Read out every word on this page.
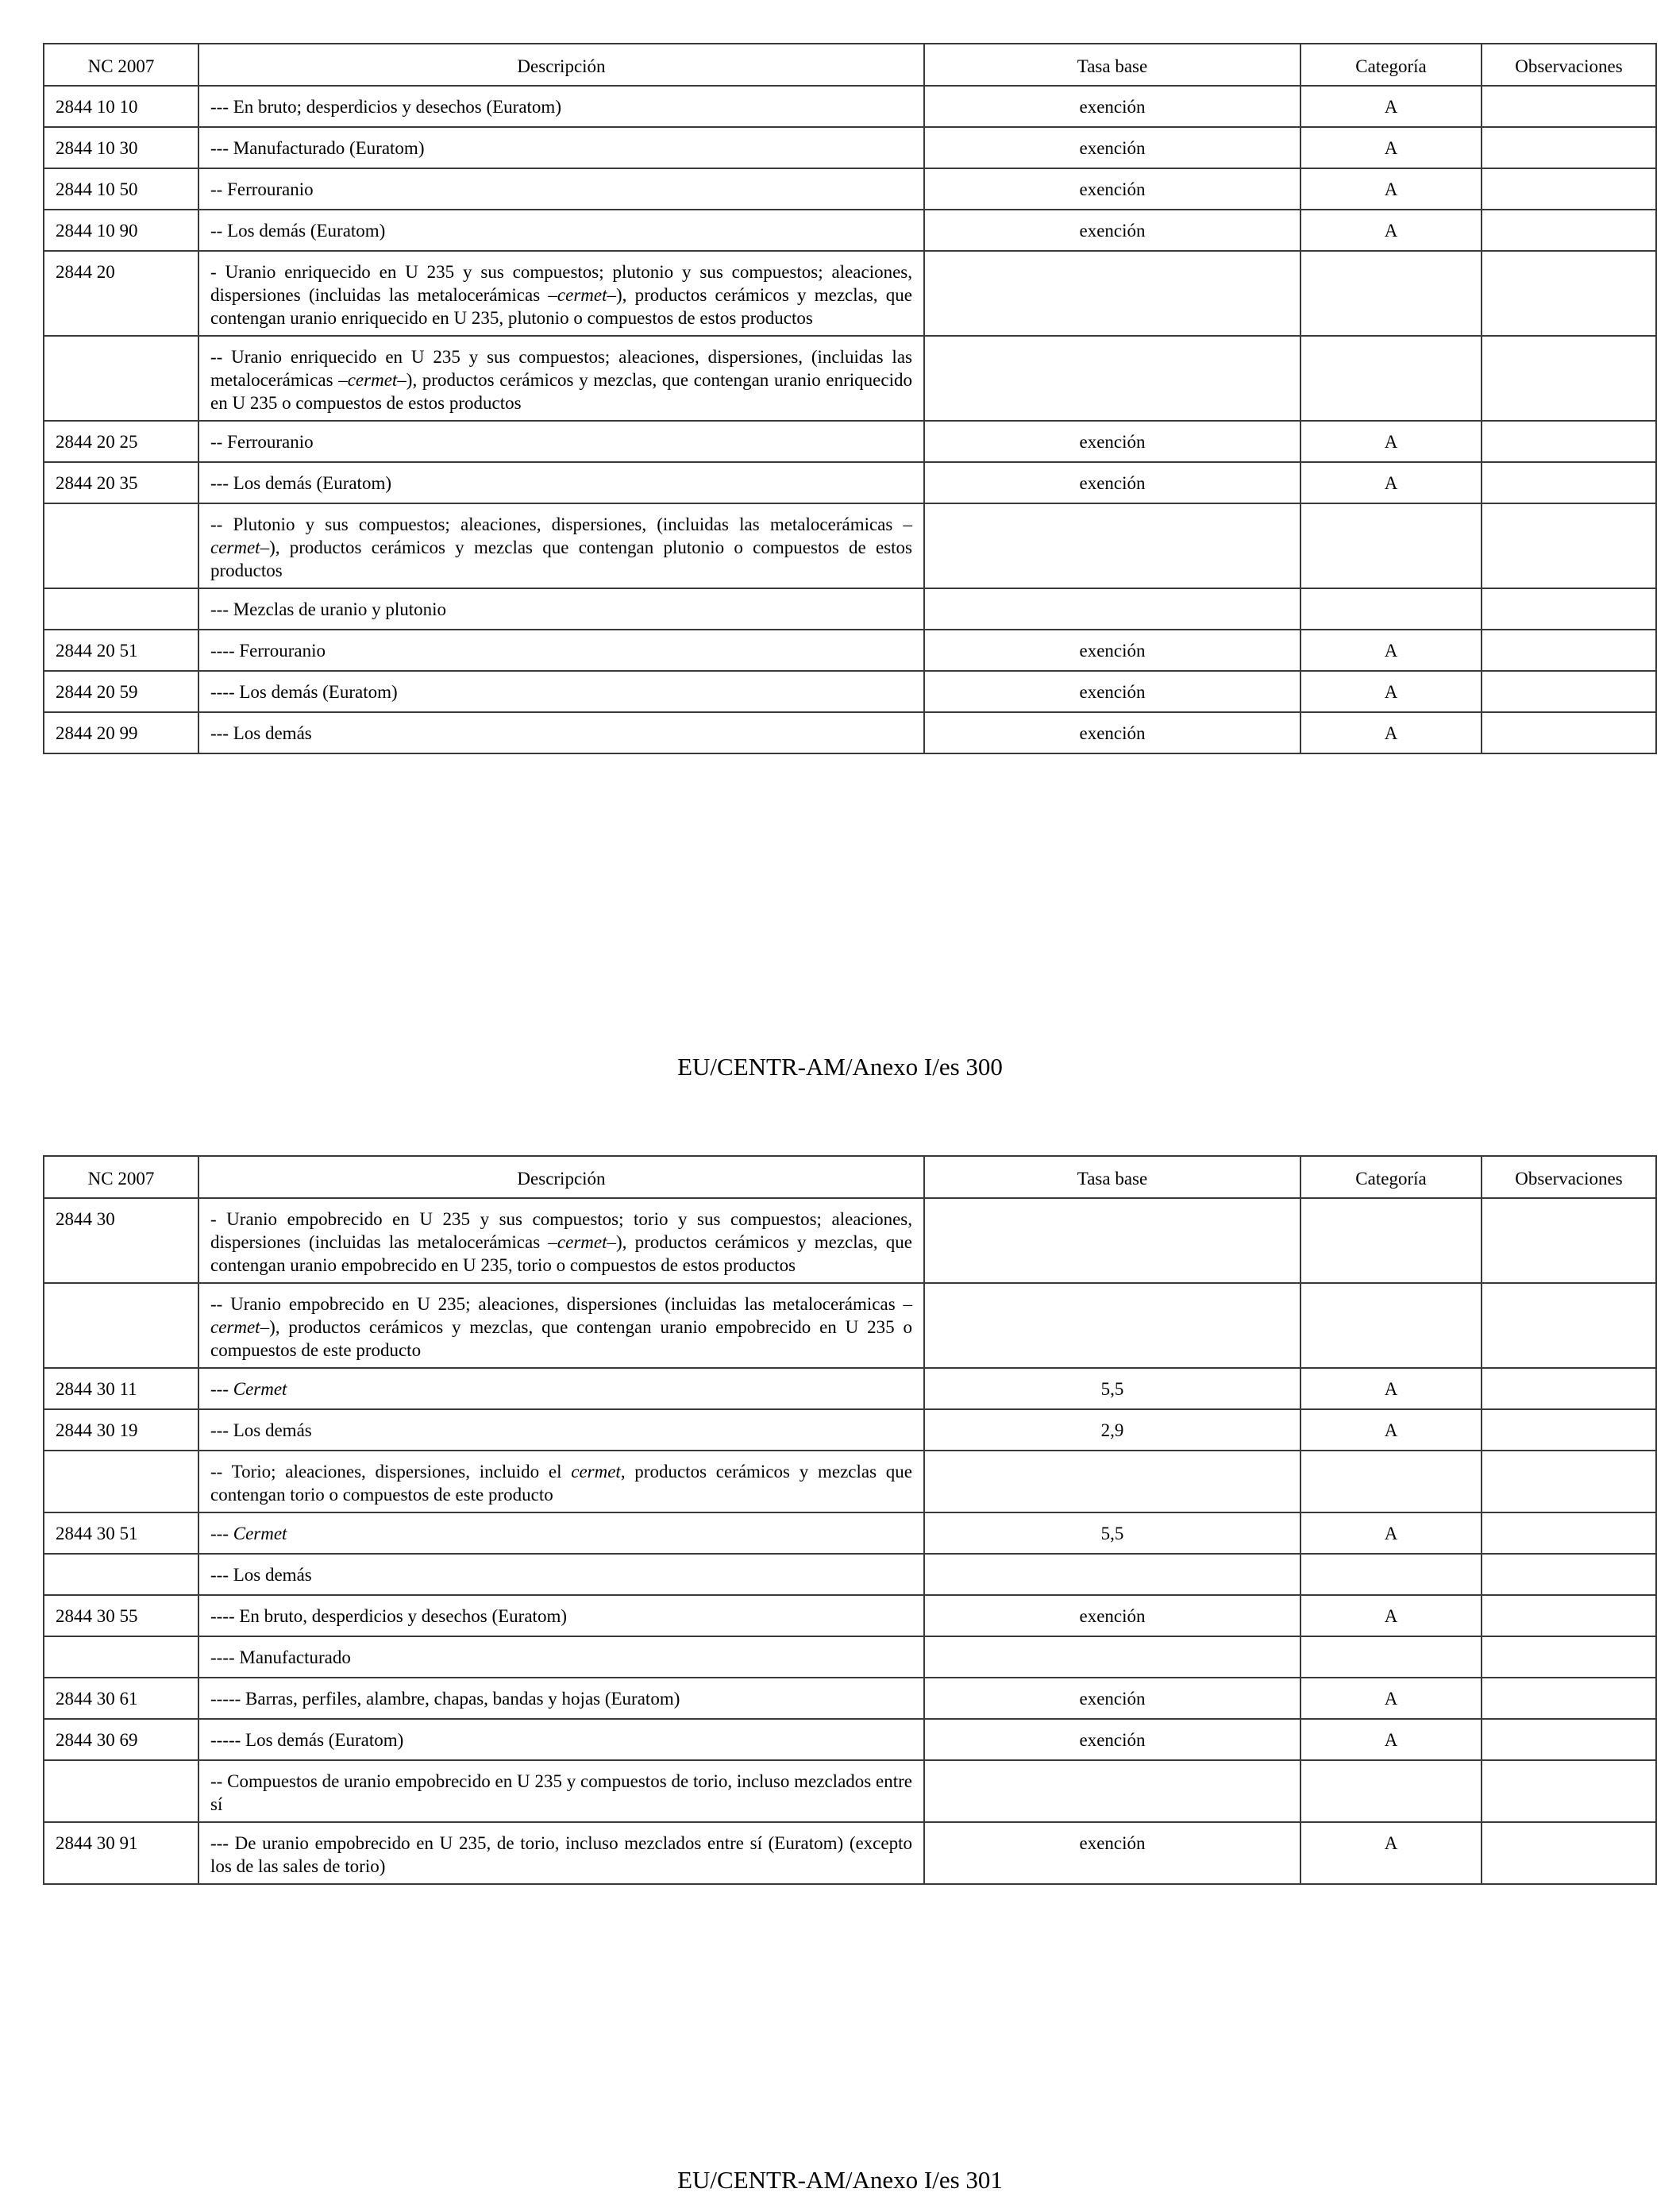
NC 2007	Descripción	Tasa base	Categoría	Observaciones
2844 10 10	--- En bruto; desperdicios y desechos (Euratom)	exención	A	
2844 10 30	--- Manufacturado (Euratom)	exención	A	
2844 10 50	-- Ferrouranio	exención	A	
2844 10 90	-- Los demás (Euratom)	exención	A	
2844 20	- Uranio enriquecido en U 235 y sus compuestos; plutonio y sus compuestos; aleaciones, dispersiones (incluidas las metalocerámicas –cermet–), productos cerámicos y mezclas, que contengan uranio enriquecido en U 235, plutonio o compuestos de estos productos			
	-- Uranio enriquecido en U 235 y sus compuestos; aleaciones, dispersiones, (incluidas las metalocerámicas –cermet–), productos cerámicos y mezclas, que contengan uranio enriquecido en U 235 o compuestos de estos productos			
2844 20 25	-- Ferrouranio	exención	A	
2844 20 35	--- Los demás (Euratom)	exención	A	
	-- Plutonio y sus compuestos; aleaciones, dispersiones, (incluidas las metalocerámicas –cermet–), productos cerámicos y mezclas que contengan plutonio o compuestos de estos productos			
	--- Mezclas de uranio y plutonio			
2844 20 51	---- Ferrouranio	exención	A	
2844 20 59	---- Los demás (Euratom)	exención	A	
2844 20 99	--- Los demás	exención	A	
EU/CENTR-AM/Anexo I/es 300
NC 2007	Descripción	Tasa base	Categoría	Observaciones
2844 30	- Uranio empobrecido en U 235 y sus compuestos; torio y sus compuestos; aleaciones, dispersiones (incluidas las metalocerámicas –cermet–), productos cerámicos y mezclas, que contengan uranio empobrecido en U 235, torio o compuestos de estos productos			
	-- Uranio empobrecido en U 235; aleaciones, dispersiones (incluidas las metalocerámicas –cermet–), productos cerámicos y mezclas, que contengan uranio empobrecido en U 235 o compuestos de este producto			
2844 30 11	--- Cermet	5,5	A	
2844 30 19	--- Los demás	2,9	A	
	-- Torio; aleaciones, dispersiones, incluido el cermet, productos cerámicos y mezclas que contengan torio o compuestos de este producto			
2844 30 51	--- Cermet	5,5	A	
	--- Los demás			
2844 30 55	---- En bruto, desperdicios y desechos (Euratom)	exención	A	
	---- Manufacturado			
2844 30 61	----- Barras, perfiles, alambre, chapas, bandas y hojas (Euratom)	exención	A	
2844 30 69	----- Los demás (Euratom)	exención	A	
	-- Compuestos de uranio empobrecido en U 235 y compuestos de torio, incluso mezclados entre sí			
2844 30 91	--- De uranio empobrecido en U 235, de torio, incluso mezclados entre sí (Euratom) (excepto los de las sales de torio)	exención	A	
EU/CENTR-AM/Anexo I/es 301
